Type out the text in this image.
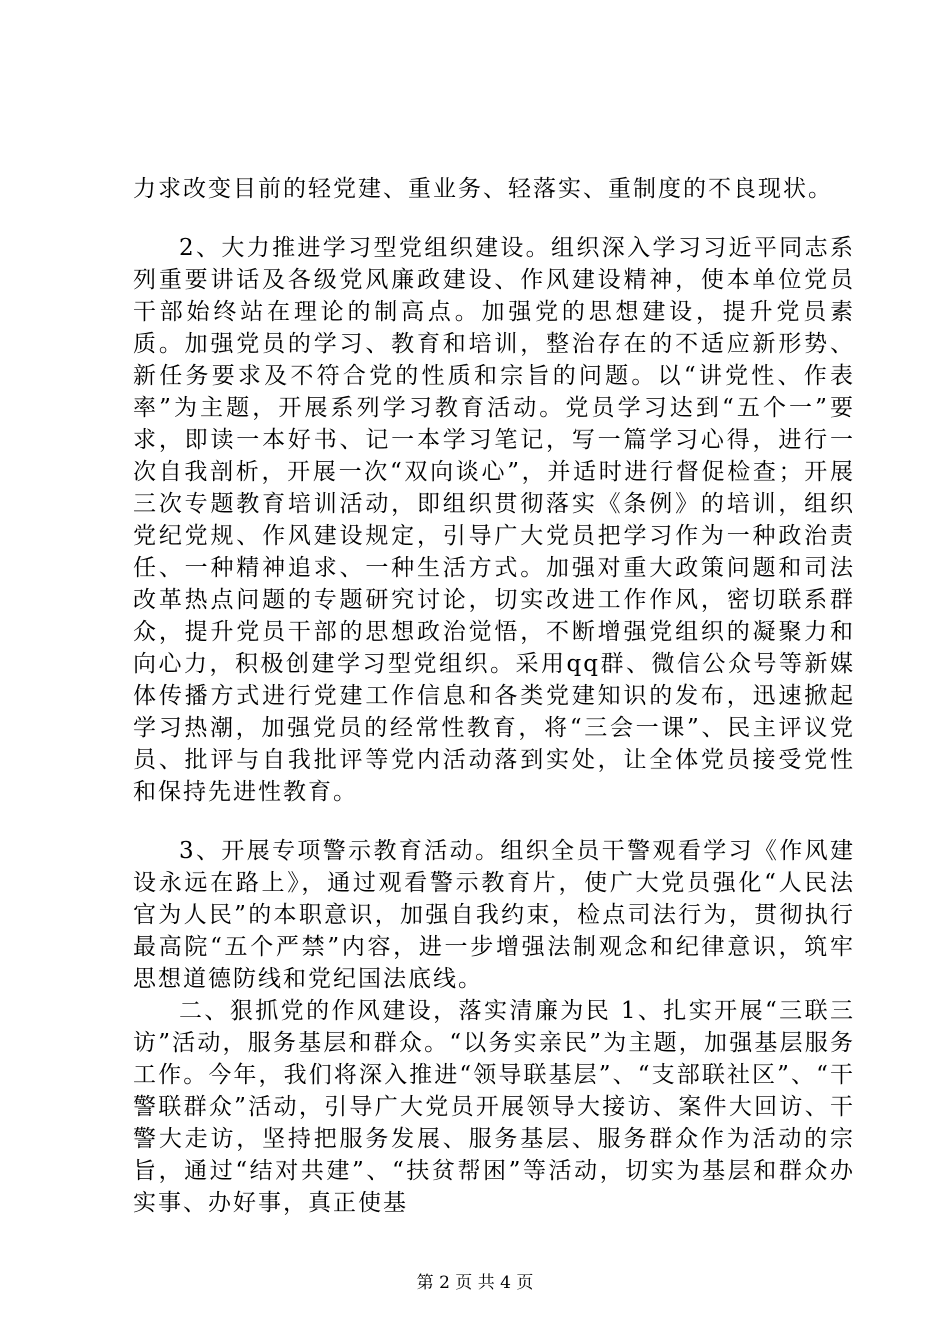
力求改变目前的轻党建、重业务、轻落实、重制度的不良现状。

2、大力推进学习型党组织建设。组织深入学习习近平同志系列重要讲话及各级党风廉政建设、作风建设精神，使本单位党员干部始终站在理论的制高点。加强党的思想建设，提升党员素质。加强党员的学习、教育和培训，整治存在的不适应新形势、新任务要求及不符合党的性质和宗旨的问题。以“讲党性、作表率”为主题，开展系列学习教育活动。党员学习达到“五个一”要求，即读一本好书、记一本学习笔记，写一篇学习心得，进行一次自我剖析，开展一次“双向谈心”，并适时进行督促检查；开展三次专题教育培训活动，即组织贯彻落实《条例》的培训，组织党纪党规、作风建设规定，引导广大党员把学习作为一种政治责任、一种精神追求、一种生活方式。加强对重大政策问题和司法改革热点问题的专题研究讨论，切实改进工作作风，密切联系群众，提升党员干部的思想政治觉悟，不断增强党组织的凝聚力和向心力，积极创建学习型党组织。采用qq群、微信公众号等新媒体传播方式进行党建工作信息和各类党建知识的发布，迅速掀起学习热潮，加强党员的经常性教育，将“三会一课”、民主评议党员、批评与自我批评等党内活动落到实处，让全体党员接受党性和保持先进性教育。

3、开展专项警示教育活动。组织全员干警观看学习《作风建设永远在路上》，通过观看警示教育片，使广大党员强化“人民法官为人民”的本职意识，加强自我约束，检点司法行为，贯彻执行最高院“五个严禁”内容，进一步增强法制观念和纪律意识，筑牢思想道德防线和党纪国法底线。

二、狠抓党的作风建设，落实清廉为民 1、扎实开展“三联三访”活动，服务基层和群众。“以务实亲民”为主题，加强基层服务工作。今年，我们将深入推进“领导联基层”、“支部联社区”、“干警联群众”活动，引导广大党员开展领导大接访、案件大回访、干警大走访，坚持把服务发展、服务基层、服务群众作为活动的宗旨，通过“结对共建”、“扶贫帮困”等活动，切实为基层和群众办实事、办好事，真正使基

第 2 页 共 4 页
